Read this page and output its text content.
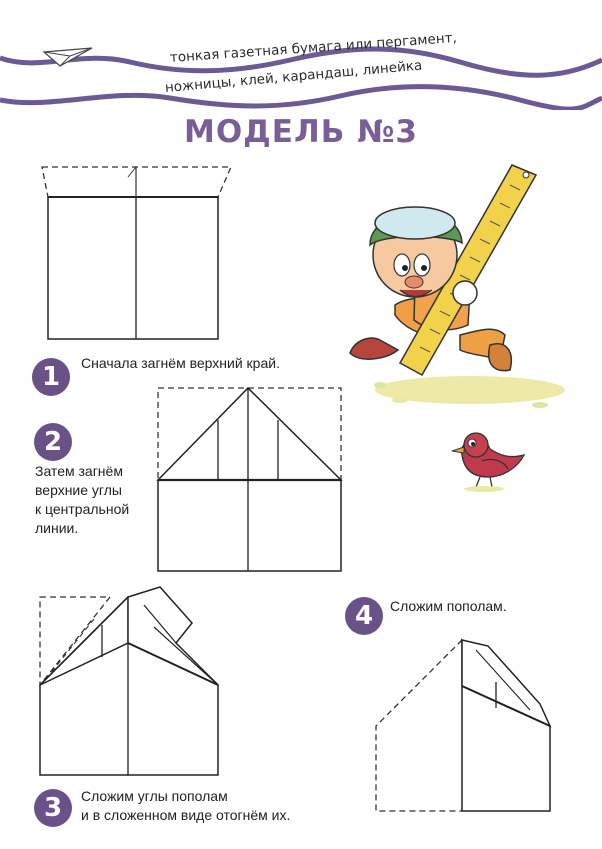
тонкая газетная бумага или пергамент,
ножницы, клей, карандаш, линейка
МОДЕЛЬ №3
1	Сначала загнём верхний край.
2
Затем загнём
верхние углы
к центральной
линии.
3	Сложим углы пополам
и в сложенном виде отогнём их.
4	Сложим пополам.
